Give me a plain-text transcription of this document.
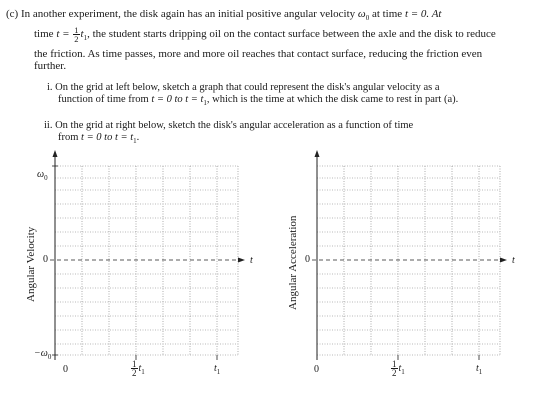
(c) In another experiment, the disk again has an initial positive angular velocity $\omega_0$ at time t = 0. At
time $t = \frac{1}{2} t_1$, the student starts dripping oil on the contact surface between the axle and the disk to reduce
the friction. As time passes, more and more oil reaches that contact surface, reducing the friction even
further.
i. On the grid at left below, sketch a graph that could represent the disk's angular velocity as a
function of time from t = 0 to $t = t_1$, which is the time at which the disk came to rest in part (a).
ii. On the grid at right below, sketch the disk's angular acceleration as a function of time
from t = 0 to $t = t_1$.
Angular Velocity
$\omega_0$
0
$-\omega_0$
0	$\frac{1}{2} t_1$	$t_1$
t	Angular Acceleration 0
0	$\frac{1}{2} t_1$	$t_1$
t
